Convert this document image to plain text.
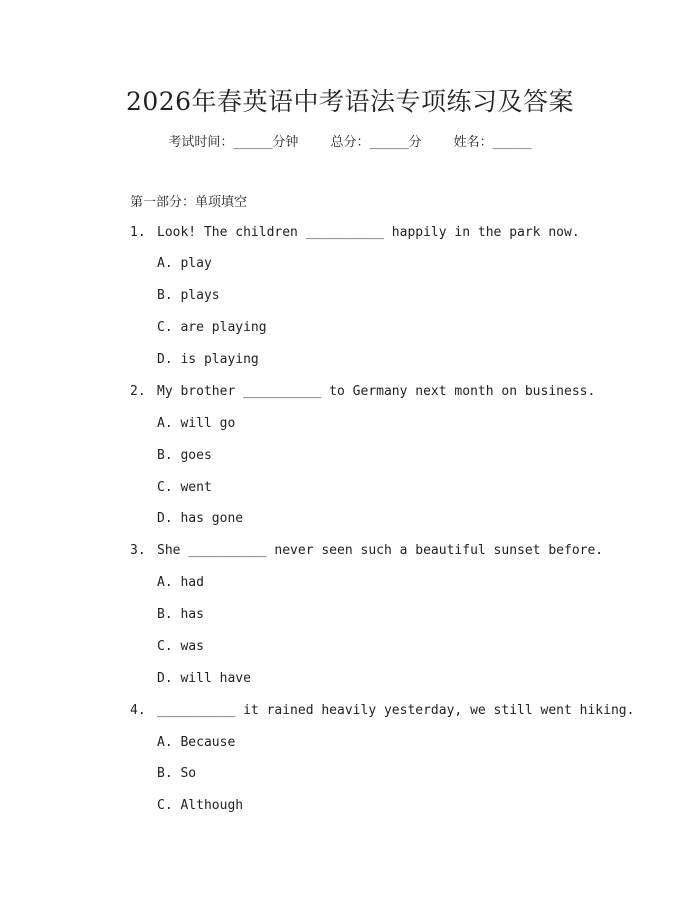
2026年春英语中考语法专项练习及答案
考试时间：______分钟 总分：______分 姓名：______
第一部分：单项填空
1. Look! The children __________ happily in the park now.
A. play
B. plays
C. are playing
D. is playing
2. My brother __________ to Germany next month on business.
A. will go
B. goes
C. went
D. has gone
3. She __________ never seen such a beautiful sunset before.
A. had
B. has
C. was
D. will have
4. __________ it rained heavily yesterday, we still went hiking.
A. Because
B. So
C. Although
